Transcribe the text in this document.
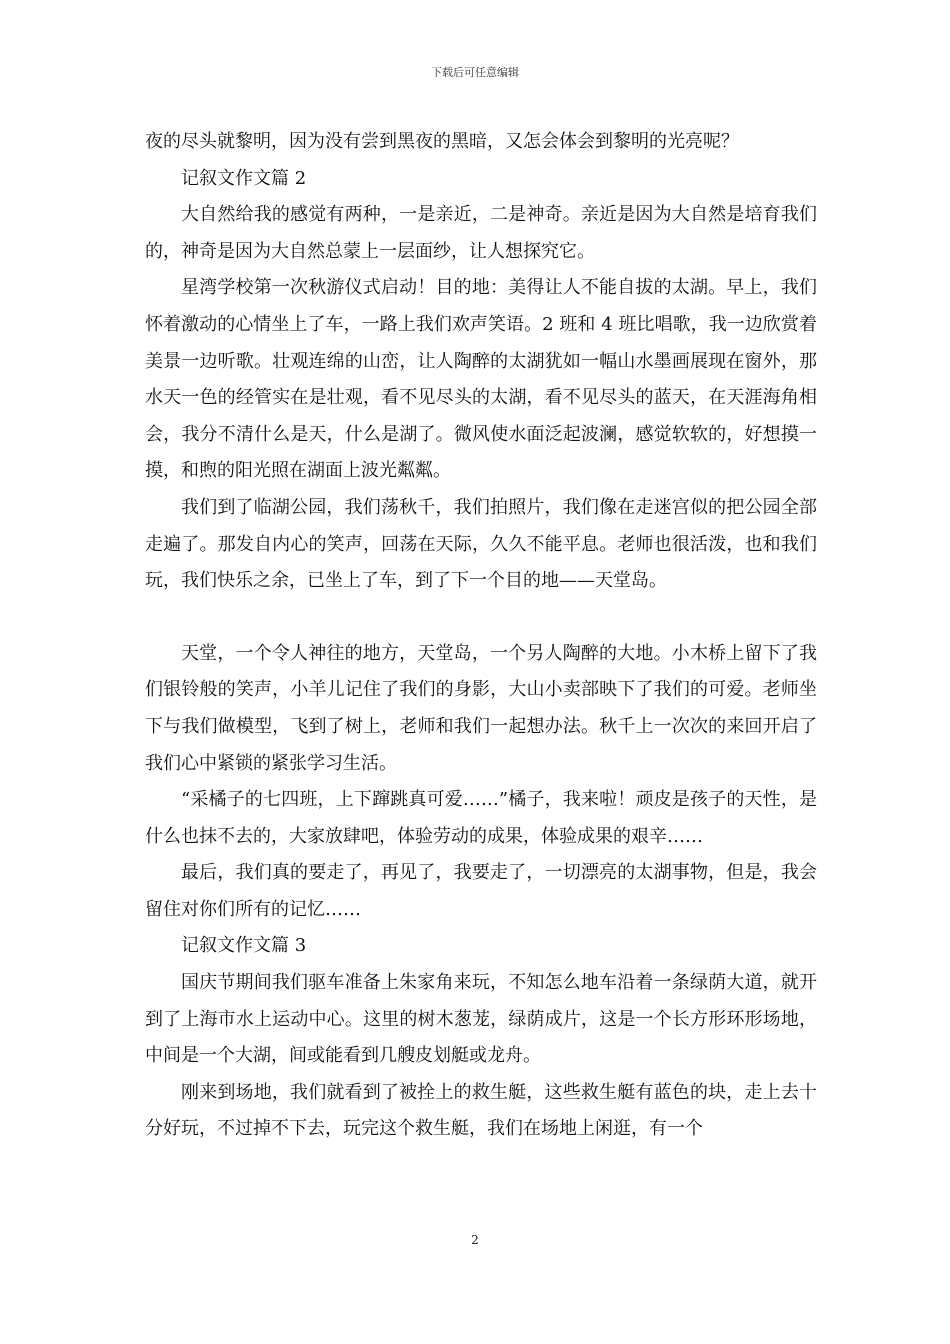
下载后可任意编辑

夜的尽头就黎明，因为没有尝到黑夜的黑暗，又怎会体会到黎明的光亮呢？

记叙文作文篇 2

大自然给我的感觉有两种，一是亲近，二是神奇。亲近是因为大自然是培育我们的，神奇是因为大自然总蒙上一层面纱，让人想探究它。

星湾学校第一次秋游仪式启动！目的地：美得让人不能自拔的太湖。早上，我们怀着激动的心情坐上了车，一路上我们欢声笑语。2 班和 4 班比唱歌，我一边欣赏着美景一边听歌。壮观连绵的山峦，让人陶醉的太湖犹如一幅山水墨画展现在窗外，那水天一色的经管实在是壮观，看不见尽头的太湖，看不见尽头的蓝天，在天涯海角相会，我分不清什么是天，什么是湖了。微风使水面泛起波澜，感觉软软的，好想摸一摸，和煦的阳光照在湖面上波光粼粼。

我们到了临湖公园，我们荡秋千，我们拍照片，我们像在走迷宫似的把公园全部走遍了。那发自内心的笑声，回荡在天际，久久不能平息。老师也很活泼，也和我们玩，我们快乐之余，已坐上了车，到了下一个目的地——天堂岛。

天堂，一个令人神往的地方，天堂岛，一个另人陶醉的大地。小木桥上留下了我们银铃般的笑声，小羊儿记住了我们的身影，大山小卖部映下了我们的可爱。老师坐下与我们做模型，飞到了树上，老师和我们一起想办法。秋千上一次次的来回开启了我们心中紧锁的紧张学习生活。

“采橘子的七四班，上下蹿跳真可爱……”橘子，我来啦！顽皮是孩子的天性，是什么也抹不去的，大家放肆吧，体验劳动的成果，体验成果的艰辛……

最后，我们真的要走了，再见了，我要走了，一切漂亮的太湖事物，但是，我会留住对你们所有的记忆……

记叙文作文篇 3

国庆节期间我们驱车准备上朱家角来玩，不知怎么地车沿着一条绿荫大道，就开到了上海市水上运动中心。这里的树木葱茏，绿荫成片，这是一个长方形环形场地，中间是一个大湖，间或能看到几艘皮划艇或龙舟。

刚来到场地，我们就看到了被拴上的救生艇，这些救生艇有蓝色的块，走上去十分好玩，不过掉不下去，玩完这个救生艇，我们在场地上闲逛，有一个

2
